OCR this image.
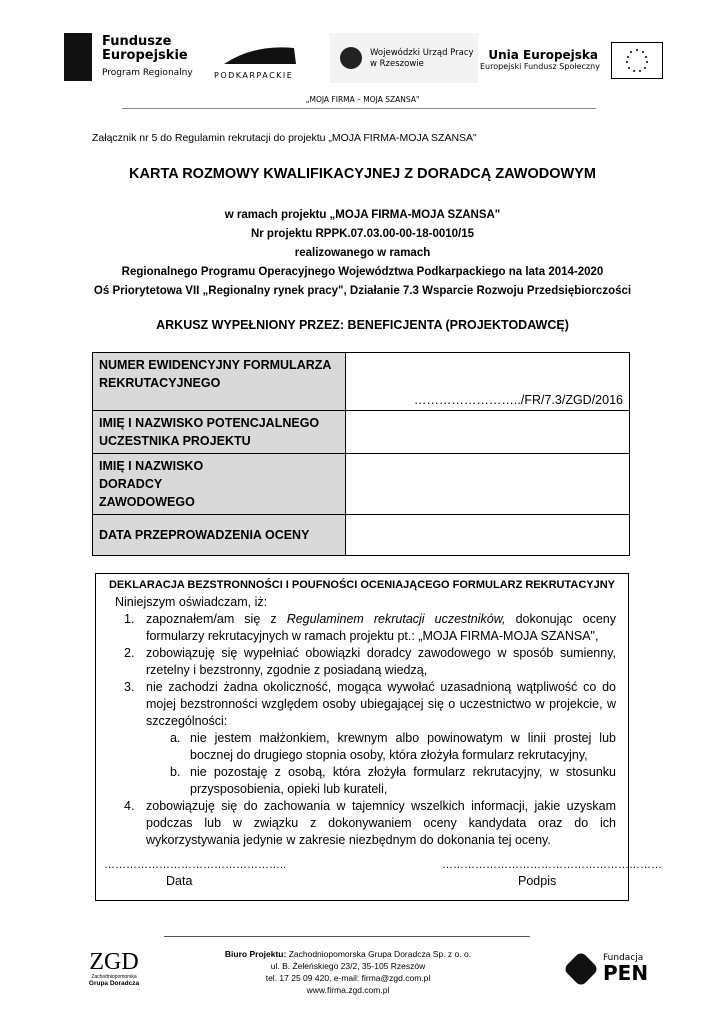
Fundusze
Europejskie
Program Regionalny	PODKARPACKIE
Wojewódzki Urząd Pracy
w Rzeszowie
Unia Europejska
Europejski Fundusz Społeczny
„MOJA FIRMA – MOJA SZANSA"
Załącznik nr 5 do Regulamin rekrutacji do projektu „MOJA FIRMA-MOJA SZANSA"
KARTA ROZMOWY KWALIFIKACYJNEJ Z DORADCĄ ZAWODOWYM
w ramach projektu „MOJA FIRMA-MOJA SZANSA"
Nr projektu RPPK.07.03.00-00-18-0010/15
realizowanego w ramach
Regionalnego Programu Operacyjnego Województwa Podkarpackiego na lata 2014-2020
Oś Priorytetowa VII „Regionalny rynek pracy", Działanie 7.3 Wsparcie Rozwoju Przedsiębiorczości
ARKUSZ WYPEŁNIONY PRZEZ: BENEFICJENTA (PROJEKTODAWCĘ)
NUMER EWIDENCYJNY FORMULARZA REKRUTACYJNEGO	……………………../FR/7.3/ZGD/2016
IMIĘ I NAZWISKO POTENCJALNEGO UCZESTNIKA PROJEKTU	
IMIĘ I NAZWISKO DORADCY ZAWODOWEGO	
DATA PRZEPROWADZENIA OCENY	
DEKLARACJA BEZSTRONNOŚCI I POUFNOŚCI OCENIAJĄCEGO FORMULARZ REKRUTACYJNY
Niniejszym oświadczam, iż:
1. zapoznałem/am się z Regulaminem rekrutacji uczestników, dokonując oceny formularzy rekrutacyjnych w ramach projektu pt.: „MOJA FIRMA-MOJA SZANSA",
2. zobowiązuję się wypełniać obowiązki doradcy zawodowego w sposób sumienny, rzetelny i bezstronny, zgodnie z posiadaną wiedzą,
3. nie zachodzi żadna okoliczność, mogąca wywołać uzasadnioną wątpliwość co do mojej bezstronności względem osoby ubiegającej się o uczestnictwo w projekcie, w szczególności:
a. nie jestem małżonkiem, krewnym albo powinowatym w linii prostej lub bocznej do drugiego stopnia osoby, która złożyła formularz rekrutacyjny,
b. nie pozostaję z osobą, która złożyła formularz rekrutacyjny, w stosunku przysposobienia, opieki lub kurateli,
4. zobowiązuję się do zachowania w tajemnicy wszelkich informacji, jakie uzyskam podczas lub w związku z dokonywaniem oceny kandydata oraz do ich wykorzystywania jedynie w zakresie niezbędnym do dokonania tej oceny.
…………………………………………..
Data
……………………………………………………
Podpis
ZGD
Zachodniopomorska
Grupa Doradcza
Biuro Projektu: Zachodniopomorska Grupa Doradcza Sp. z o. o.
ul. B. Żeleńskiego 23/2, 35-105 Rzeszów
tel. 17 25 09 420, e-mail: firma@zgd.com.pl
www.firma.zgd.com.pl
Fundacja
PEN
